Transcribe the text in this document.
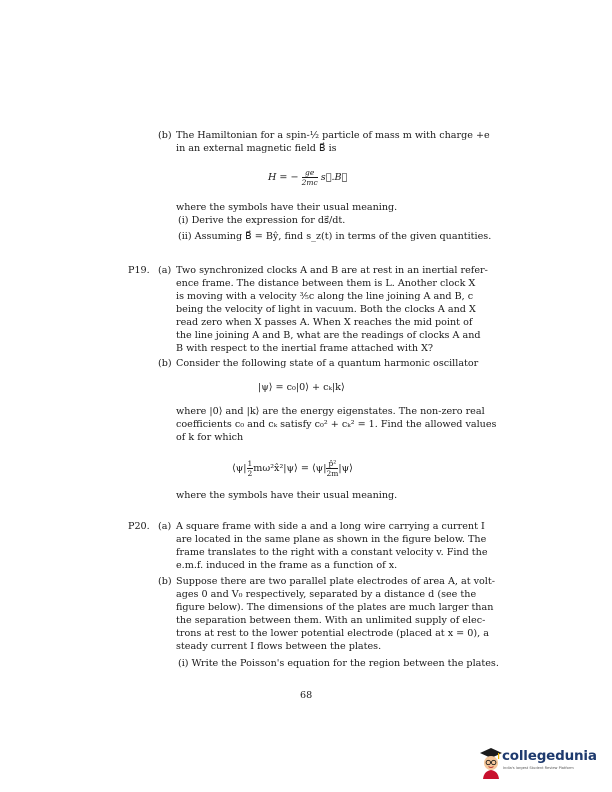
(b) The Hamiltonian for a spin-½ particle of mass m with charge +e
in an external magnetic field B⃗ is
H = − $\frac{ge}{2mc}$ s⃗.B⃗
where the symbols have their usual meaning.
(i) Derive the expression for ds⃗/dt.
(ii) Assuming B⃗ = Bŷ, find s_z(t) in terms of the given quantities.
P19. (a) Two synchronized clocks A and B are at rest in an inertial refer-
ence frame. The distance between them is L. Another clock X
is moving with a velocity ⅗c along the line joining A and B, c
being the velocity of light in vacuum. Both the clocks A and X
read zero when X passes A. When X reaches the mid point of
the line joining A and B, what are the readings of clocks A and
B with respect to the inertial frame attached with X?
(b) Consider the following state of a quantum harmonic oscillator
|ψ⟩ = c₀|0⟩ + cₖ|k⟩
where |0⟩ and |k⟩ are the energy eigenstates. The non-zero real
coefficients c₀ and cₖ satisfy c₀² + cₖ² = 1. Find the allowed values
of k for which
⟨ψ| $\frac{1}{2}$ mω²x̂²|ψ⟩ = ⟨ψ| $\frac{\text{p̂²}}{2m}$ |ψ⟩
where the symbols have their usual meaning.
P20. (a) A square frame with side a and a long wire carrying a current I
are located in the same plane as shown in the figure below. The
frame translates to the right with a constant velocity v. Find the
e.m.f. induced in the frame as a function of x.
(b) Suppose there are two parallel plate electrodes of area A, at volt-
ages 0 and V₀ respectively, separated by a distance d (see the
figure below). The dimensions of the plates are much larger than
the separation between them. With an unlimited supply of elec-
trons at rest to the lower potential electrode (placed at x = 0), a
steady current I flows between the plates.
(i) Write the Poisson's equation for the region between the plates.
68
collegedunia
India's largest Student Review Platform
